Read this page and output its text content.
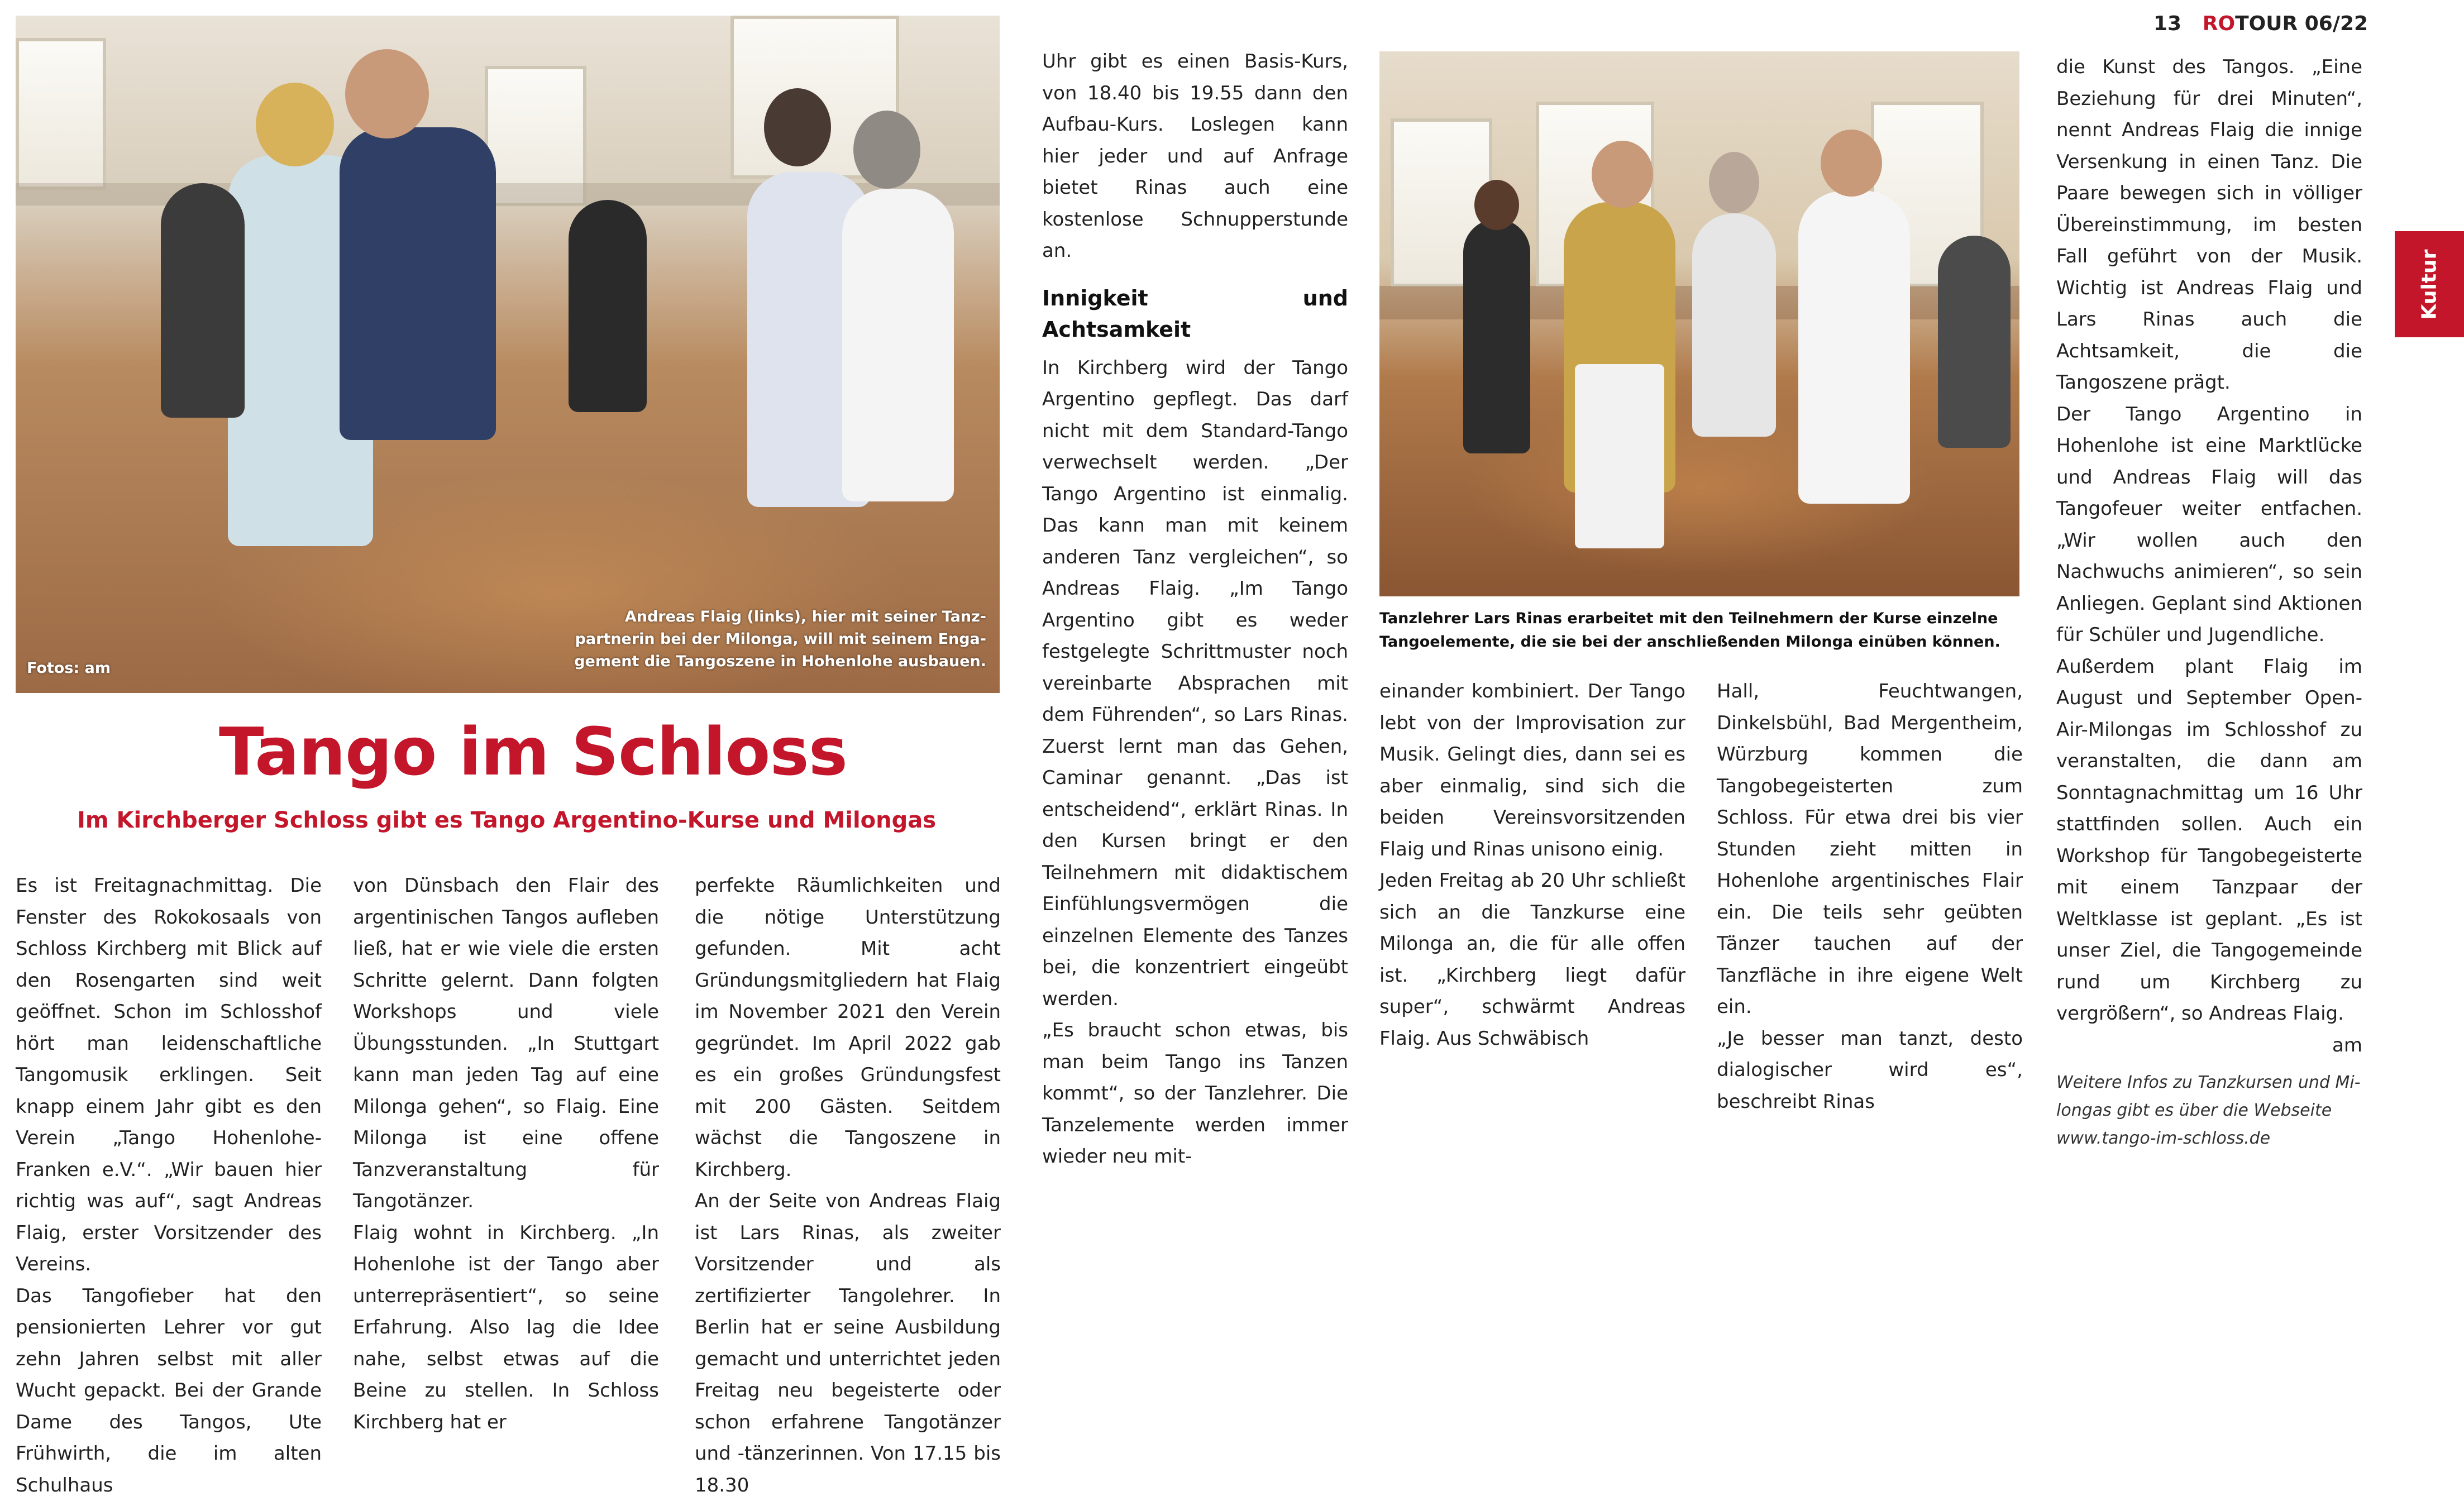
13 ROTOUR 06/22
Kultur
Fotos: am
Andreas Flaig (links), hier mit seiner Tanz-
partnerin bei der Milonga, will mit seinem Enga-
gement die Tangoszene in Hohenlohe ausbauen.
Tanzlehrer Lars Rinas erarbeitet mit den Teilnehmern der Kurse einzelne
Tangoelemente, die sie bei der anschließenden Milonga einüben können.
Tango im Schloss
Im Kirchberger Schloss gibt es Tango Argentino-Kurse und Milongas

Es ist Freitagnachmittag. Die Fenster des Rokokosaals von Schloss Kirchberg mit Blick auf den Rosengarten sind weit geöffnet. Schon im Schlosshof hört man leidenschaftliche Tangomusik erklingen. Seit knapp einem Jahr gibt es den Verein „Tango Hohenlohe-Franken e.V.“. „Wir bauen hier richtig was auf“, sagt Andreas Flaig, erster Vorsitzender des Vereins.

Das Tangofieber hat den pensionierten Lehrer vor gut zehn Jahren selbst mit aller Wucht gepackt. Bei der Grande Dame des Tangos, Ute Frühwirth, die im alten Schulhaus

von Dünsbach den Flair des argentinischen Tangos aufleben ließ, hat er wie viele die ersten Schritte gelernt. Dann folgten Workshops und viele Übungsstunden. „In Stuttgart kann man jeden Tag auf eine Milonga gehen“, so Flaig. Eine Milonga ist eine offene Tanzveranstaltung für Tangotänzer.

Flaig wohnt in Kirchberg. „In Hohenlohe ist der Tango aber unterrepräsentiert“, so seine Erfahrung. Also lag die Idee nahe, selbst etwas auf die Beine zu stellen. In Schloss Kirchberg hat er

perfekte Räumlichkeiten und die nötige Unterstützung gefunden. Mit acht Gründungsmitgliedern hat Flaig im November 2021 den Verein gegründet. Im April 2022 gab es ein großes Gründungsfest mit 200 Gästen. Seitdem wächst die Tangoszene in Kirchberg.

An der Seite von Andreas Flaig ist Lars Rinas, als zweiter Vorsitzender und als zertifizierter Tangolehrer. In Berlin hat er seine Ausbildung gemacht und unterrichtet jeden Freitag neu begeisterte oder schon erfahrene Tangotänzer und -tänzerinnen. Von 17.15 bis 18.30

Uhr gibt es einen Basis-Kurs, von 18.40 bis 19.55 dann den Aufbau-Kurs. Loslegen kann hier jeder und auf Anfrage bietet Rinas auch eine kostenlose Schnupperstunde an.

Innigkeit und Achtsamkeit

In Kirchberg wird der Tango Argentino gepflegt. Das darf nicht mit dem Standard-Tango verwechselt werden. „Der Tango Argentino ist einmalig. Das kann man mit keinem anderen Tanz vergleichen“, so Andreas Flaig. „Im Tango Argentino gibt es weder festgelegte Schrittmuster noch vereinbarte Absprachen mit dem Führenden“, so Lars Rinas. Zuerst lernt man das Gehen, Caminar genannt. „Das ist entscheidend“, erklärt Rinas. In den Kursen bringt er den Teilnehmern mit didaktischem Einfühlungsvermögen die einzelnen Elemente des Tanzes bei, die konzentriert eingeübt werden.

„Es braucht schon etwas, bis man beim Tango ins Tanzen kommt“, so der Tanzlehrer. Die Tanzelemente werden immer wieder neu mit-

einander kombiniert. Der Tango lebt von der Improvisation zur Musik. Gelingt dies, dann sei es aber einmalig, sind sich die beiden Vereinsvorsitzenden Flaig und Rinas unisono einig.

Jeden Freitag ab 20 Uhr schließt sich an die Tanzkurse eine Milonga an, die für alle offen ist. „Kirchberg liegt dafür super“, schwärmt Andreas Flaig. Aus Schwäbisch

Hall, Feuchtwangen, Dinkelsbühl, Bad Mergentheim, Würzburg kommen die Tangobegeisterten zum Schloss. Für etwa drei bis vier Stunden zieht mitten in Hohenlohe argentinisches Flair ein. Die teils sehr geübten Tänzer tauchen auf der Tanzfläche in ihre eigene Welt ein.

„Je besser man tanzt, desto dialogischer wird es“, beschreibt Rinas

die Kunst des Tangos. „Eine Beziehung für drei Minuten“, nennt Andreas Flaig die innige Versenkung in einen Tanz. Die Paare bewegen sich in völliger Übereinstimmung, im besten Fall geführt von der Musik. Wichtig ist Andreas Flaig und Lars Rinas auch die Achtsamkeit, die die Tangoszene prägt.

Der Tango Argentino in Hohenlohe ist eine Marktlücke und Andreas Flaig will das Tangofeuer weiter entfachen. „Wir wollen auch den Nachwuchs animieren“, so sein Anliegen. Geplant sind Aktionen für Schüler und Jugendliche.

Außerdem plant Flaig im August und September Open-Air-Milongas im Schlosshof zu veranstalten, die dann am Sonntagnachmittag um 16 Uhr stattfinden sollen. Auch ein Workshop für Tangobegeisterte mit einem Tanzpaar der Weltklasse ist geplant. „Es ist unser Ziel, die Tangogemeinde rund um Kirchberg zu vergrößern“, so Andreas Flaig.

am
Weitere Infos zu Tanzkursen und Mi-
longas gibt es über die Webseite
www.tango-im-schloss.de
